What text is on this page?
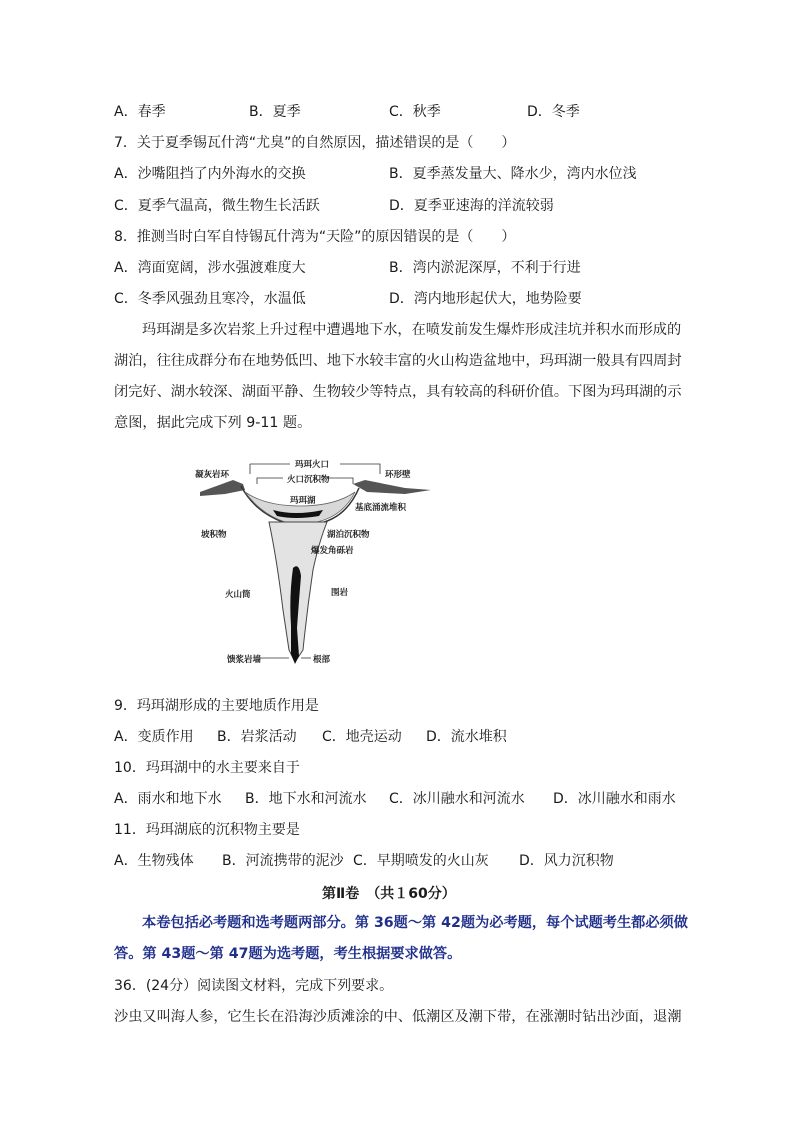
A．春季	B．夏季	C．秋季	D．冬季
7．关于夏季锡瓦什湾“尤臭”的自然原因，描述错误的是（　　）
A．沙嘴阻挡了内外海水的交换	B．夏季蒸发量大、降水少，湾内水位浅
C．夏季气温高，微生物生长活跃	D．夏季亚速海的洋流较弱
8．推测当时白军自恃锡瓦什湾为“天险”的原因错误的是（　　）
A．湾面宽阔，涉水强渡难度大	B．湾内淤泥深厚，不利于行进
C．冬季风强劲且寒冷，水温低	D．湾内地形起伏大，地势险要
玛珥湖是多次岩浆上升过程中遭遇地下水，在喷发前发生爆炸形成洼坑并积水而形成的
湖泊，往往成群分布在地势低凹、地下水较丰富的火山构造盆地中，玛珥湖一般具有四周封
闭完好、湖水较深、湖面平静、生物较少等特点，具有较高的科研价值。下图为玛珥湖的示
意图，据此完成下列 9-11 题。
玛珥火口
凝灰岩环	环形壁
火口沉积物
玛珥湖
基底涌流堆积
坡积物	湖泊沉积物
爆发角砾岩
火山筒	围岩
馈浆岩墙	根部
9．玛珥湖形成的主要地质作用是
A．变质作用 B．岩浆活动 C．地壳运动 D．流水堆积
10．玛珥湖中的水主要来自于
A．雨水和地下水 B．地下水和河流水 C．冰川融水和河流水 D．冰川融水和雨水
11．玛珥湖底的沉积物主要是
A．生物残体 B．河流携带的泥沙 C．早期喷发的火山灰 D．风力沉积物
第Ⅱ卷　（共１60分）
本卷包括必考题和选考题两部分。第 36题～第 42题为必考题，每个试题考生都必须做
答。第 43题～第 47题为选考题，考生根据要求做答。
36．(24分）阅读图文材料，完成下列要求。
沙虫又叫海人参，它生长在沿海沙质滩涂的中、低潮区及潮下带，在涨潮时钻出沙面，退潮
